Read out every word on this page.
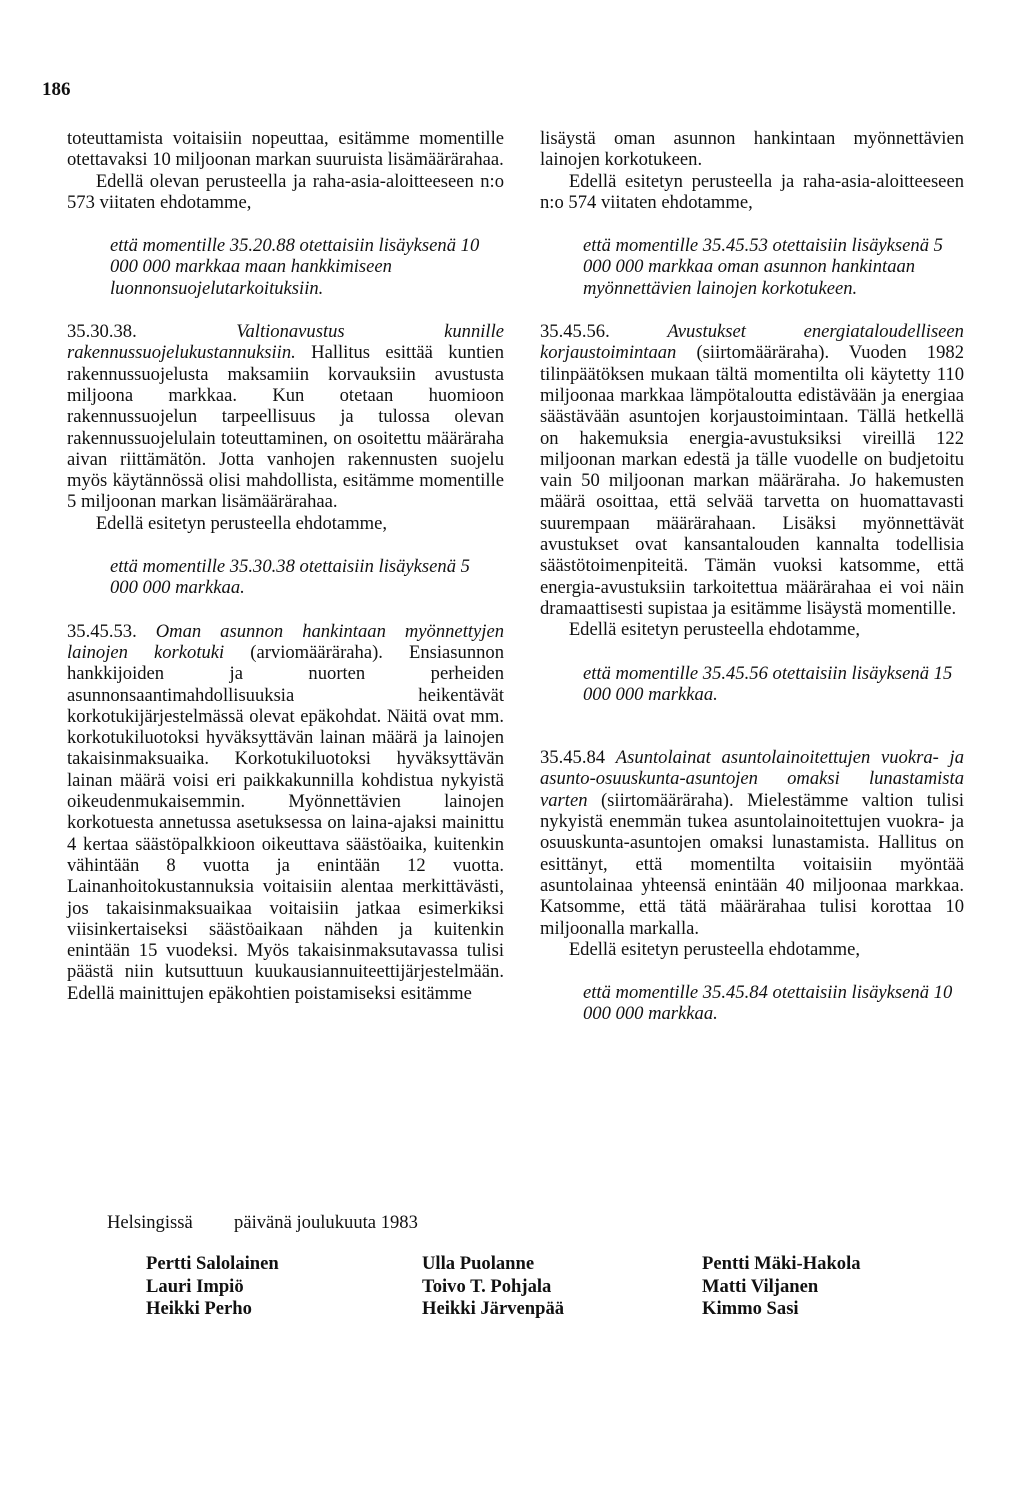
186

toteuttamista voitaisiin nopeuttaa, esitämme momentille otettavaksi 10 miljoonan markan suuruista lisämäärärahaa.

Edellä olevan perusteella ja raha-asia-aloitteeseen n:o 573 viitaten ehdotamme,

että momentille 35.20.88 otettaisiin lisäyksenä 10 000 000 markkaa maan hankkimiseen luonnonsuojelutarkoituksiin.

35.30.38.	Valtionavustus kunnille rakennussuojelukustannuksiin. Hallitus esittää kuntien rakennussuojelusta maksamiin korvauksiin avustusta miljoona markkaa. Kun otetaan huomioon rakennussuojelun tarpeellisuus ja tulossa olevan rakennussuojelulain toteuttaminen, on osoitettu määräraha aivan riittämätön. Jotta vanhojen rakennusten suojelu myös käytännössä olisi mahdollista, esitämme momentille 5 miljoonan markan lisämäärärahaa.

Edellä esitetyn perusteella ehdotamme,

että momentille 35.30.38 otettaisiin lisäyksenä 5 000 000 markkaa.

35.45.53. Oman asunnon hankintaan myönnettyjen lainojen korkotuki (arviomääräraha). Ensiasunnon hankkijoiden ja nuorten perheiden asunnonsaantimahdollisuuksia heikentävät korkotukijärjestelmässä olevat epäkohdat. Näitä ovat mm. korkotukiluotoksi hyväksyttävän lainan määrä ja lainojen takaisinmaksuaika. Korkotukiluotoksi hyväksyttävän lainan määrä voisi eri paikkakunnilla kohdistua nykyistä oikeudenmukaisemmin. Myönnettävien lainojen korkotuesta annetussa asetuksessa on laina-ajaksi mainittu 4 kertaa säästöpalkkioon oikeuttava säästöaika, kuitenkin vähintään 8 vuotta ja enintään 12 vuotta. Lainanhoitokustannuksia voitaisiin alentaa merkittävästi, jos takaisinmaksuaikaa voitaisiin jatkaa esimerkiksi viisinkertaiseksi säästöaikaan nähden ja kuitenkin enintään 15 vuodeksi. Myös takaisinmaksutavassa tulisi päästä niin kutsuttuun kuukausiannuiteettijärjestelmään. Edellä mainittujen epäkohtien poistamiseksi esitämme

lisäystä oman asunnon hankintaan myönnettävien lainojen korkotukeen.

Edellä esitetyn perusteella ja raha-asia-aloitteeseen n:o 574 viitaten ehdotamme,

että momentille 35.45.53 otettaisiin lisäyksenä 5 000 000 markkaa oman asunnon hankintaan myönnettävien lainojen korkotukeen.

35.45.56.	Avustukset energiataloudelliseen korjaustoimintaan (siirtomääräraha). Vuoden 1982 tilinpäätöksen mukaan tältä momentilta oli käytetty 110 miljoonaa markkaa lämpötaloutta edistävään ja energiaa säästävään asuntojen korjaustoimintaan. Tällä hetkellä on hakemuksia energia-avustuksiksi vireillä 122 miljoonan markan edestä ja tälle vuodelle on budjetoitu vain 50 miljoonan markan määräraha. Jo hakemusten määrä osoittaa, että selvää tarvetta on huomattavasti suurempaan määrärahaan. Lisäksi myönnettävät avustukset ovat kansantalouden kannalta todellisia säästötoimenpiteitä. Tämän vuoksi katsomme, että energia-avustuksiin tarkoitettua määrärahaa ei voi näin dramaattisesti supistaa ja esitämme lisäystä momentille.

Edellä esitetyn perusteella ehdotamme,

että momentille 35.45.56 otettaisiin lisäyksenä 15 000 000 markkaa.

35.45.84 Asuntolainat asuntolainoitettujen vuokra- ja asunto-osuuskunta-asuntojen omaksi lunastamista varten (siirtomääräraha). Mielestämme valtion tulisi nykyistä enemmän tukea asuntolainoitettujen vuokra- ja osuuskunta-asuntojen omaksi lunastamista. Hallitus on esittänyt, että momentilta voitaisiin myöntää asuntolainaa yhteensä enintään 40 miljoonaa markkaa. Katsomme, että tätä määrärahaa tulisi korottaa 10 miljoonalla markalla.

Edellä esitetyn perusteella ehdotamme,

että momentille 35.45.84 otettaisiin lisäyksenä 10 000 000 markkaa.

Helsingissä päivänä joulukuuta 1983
Pertti Salolainen
Lauri Impiö
Heikki Perho
Ulla Puolanne
Toivo T. Pohjala
Heikki Järvenpää
Pentti Mäki-Hakola
Matti Viljanen
Kimmo Sasi
